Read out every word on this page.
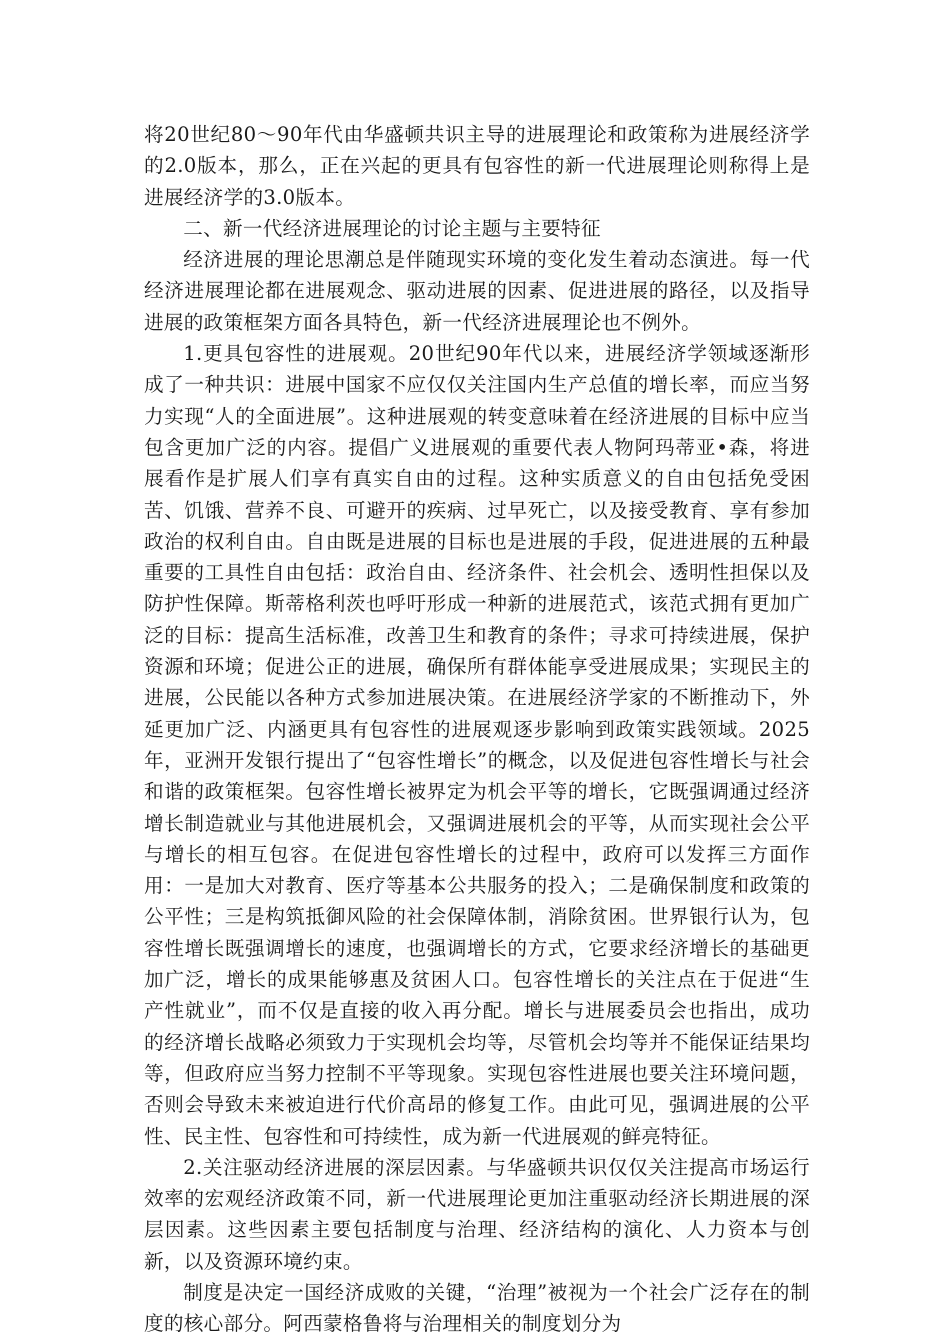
将20世纪80～90年代由华盛顿共识主导的进展理论和政策称为进展经济学的2.0版本，那么，正在兴起的更具有包容性的新一代进展理论则称得上是进展经济学的3.0版本。

二、新一代经济进展理论的讨论主题与主要特征

经济进展的理论思潮总是伴随现实环境的变化发生着动态演进。每一代经济进展理论都在进展观念、驱动进展的因素、促进进展的路径，以及指导进展的政策框架方面各具特色，新一代经济进展理论也不例外。

1.更具包容性的进展观。20世纪90年代以来，进展经济学领域逐渐形成了一种共识：进展中国家不应仅仅关注国内生产总值的增长率，而应当努力实现“人的全面进展”。这种进展观的转变意味着在经济进展的目标中应当包含更加广泛的内容。提倡广义进展观的重要代表人物阿玛蒂亚•森，将进展看作是扩展人们享有真实自由的过程。这种实质意义的自由包括免受困苦、饥饿、营养不良、可避开的疾病、过早死亡，以及接受教育、享有参加政治的权利自由。自由既是进展的目标也是进展的手段，促进进展的五种最重要的工具性自由包括：政治自由、经济条件、社会机会、透明性担保以及防护性保障。斯蒂格利茨也呼吁形成一种新的进展范式，该范式拥有更加广泛的目标：提高生活标准，改善卫生和教育的条件；寻求可持续进展，保护资源和环境；促进公正的进展，确保所有群体能享受进展成果；实现民主的进展，公民能以各种方式参加进展决策。在进展经济学家的不断推动下，外延更加广泛、内涵更具有包容性的进展观逐步影响到政策实践领域。2025年，亚洲开发银行提出了“包容性增长”的概念，以及促进包容性增长与社会和谐的政策框架。包容性增长被界定为机会平等的增长，它既强调通过经济增长制造就业与其他进展机会，又强调进展机会的平等，从而实现社会公平与增长的相互包容。在促进包容性增长的过程中，政府可以发挥三方面作用：一是加大对教育、医疗等基本公共服务的投入；二是确保制度和政策的公平性；三是构筑抵御风险的社会保障体制，消除贫困。世界银行认为，包容性增长既强调增长的速度，也强调增长的方式，它要求经济增长的基础更加广泛，增长的成果能够惠及贫困人口。包容性增长的关注点在于促进“生产性就业”，而不仅是直接的收入再分配。增长与进展委员会也指出，成功的经济增长战略必须致力于实现机会均等，尽管机会均等并不能保证结果均等，但政府应当努力控制不平等现象。实现包容性进展也要关注环境问题，否则会导致未来被迫进行代价高昂的修复工作。由此可见，强调进展的公平性、民主性、包容性和可持续性，成为新一代进展观的鲜亮特征。

2.关注驱动经济进展的深层因素。与华盛顿共识仅仅关注提高市场运行效率的宏观经济政策不同，新一代进展理论更加注重驱动经济长期进展的深层因素。这些因素主要包括制度与治理、经济结构的演化、人力资本与创新，以及资源环境约束。

制度是决定一国经济成败的关键，“治理”被视为一个社会广泛存在的制度的核心部分。阿西蒙格鲁将与治理相关的制度划分为
